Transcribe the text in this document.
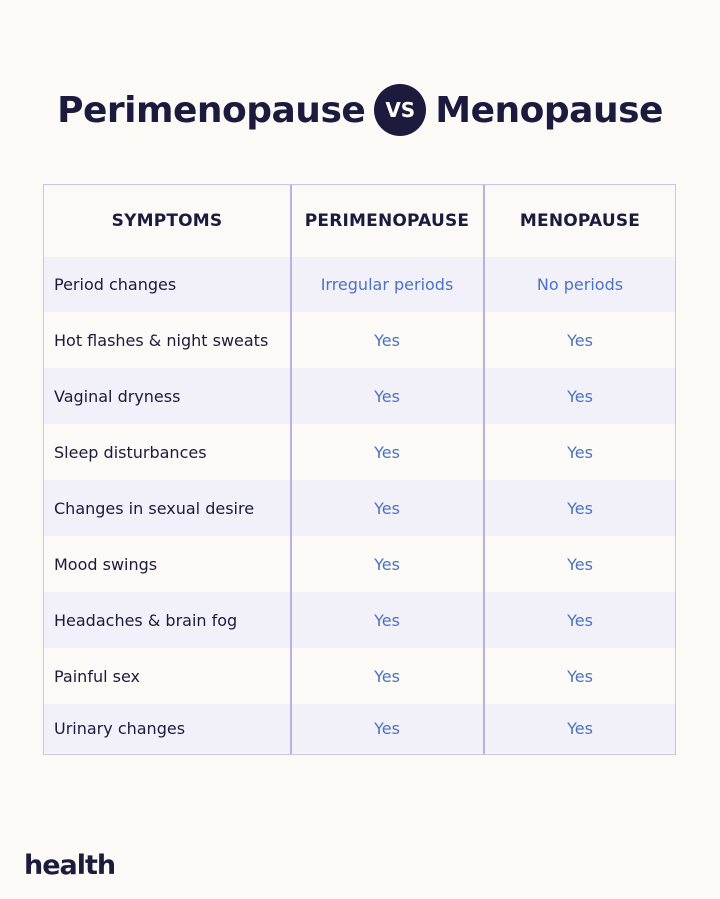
Perimenopause	VS Menopause
SYMPTOMS	PERIMENOPAUSE	MENOPAUSE
Period changes	Irregular periods	No periods
Hot flashes & night sweats	Yes	Yes
Vaginal dryness	Yes	Yes
Sleep disturbances	Yes	Yes
Changes in sexual desire	Yes	Yes
Mood swings	Yes	Yes
Headaches & brain fog	Yes	Yes
Painful sex	Yes	Yes
Urinary changes	Yes	Yes
health
